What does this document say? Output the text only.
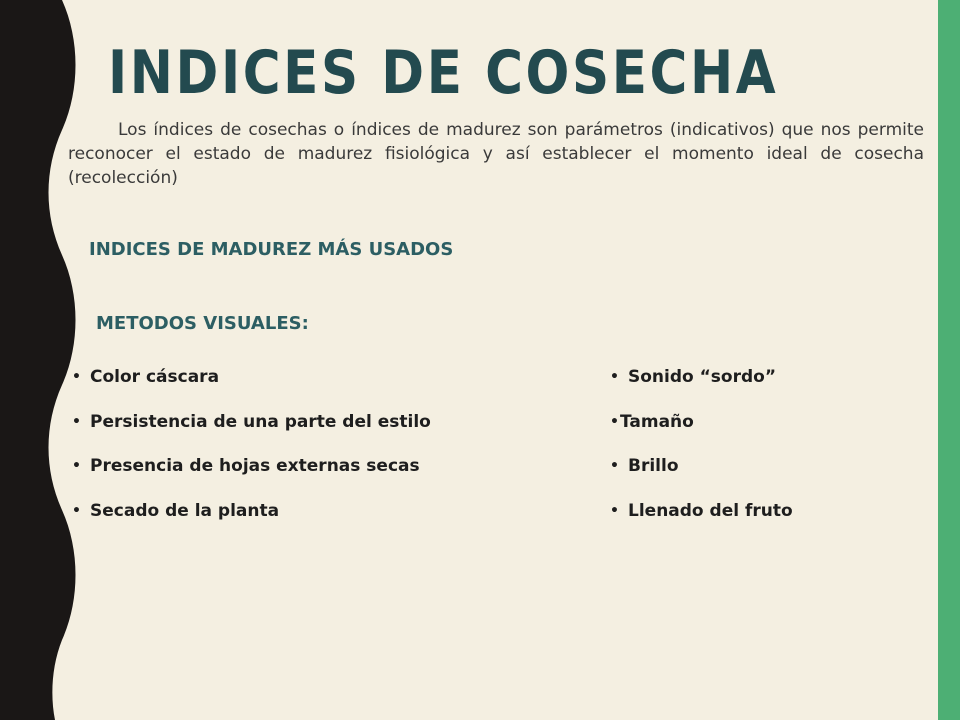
INDICES DE COSECHA

Los índices de cosechas o índices de madurez son parámetros (indicativos) que nos permite reconocer el estado de madurez fisiológica y así establecer el momento ideal de cosecha (recolección)

INDICES DE MADUREZ MÁS USADOS
METODOS VISUALES:
• Color cáscara
• Persistencia de una parte del estilo
• Presencia de hojas externas secas
• Secado de la planta
• Sonido “sordo”
• Tamaño
• Brillo
• Llenado del fruto
